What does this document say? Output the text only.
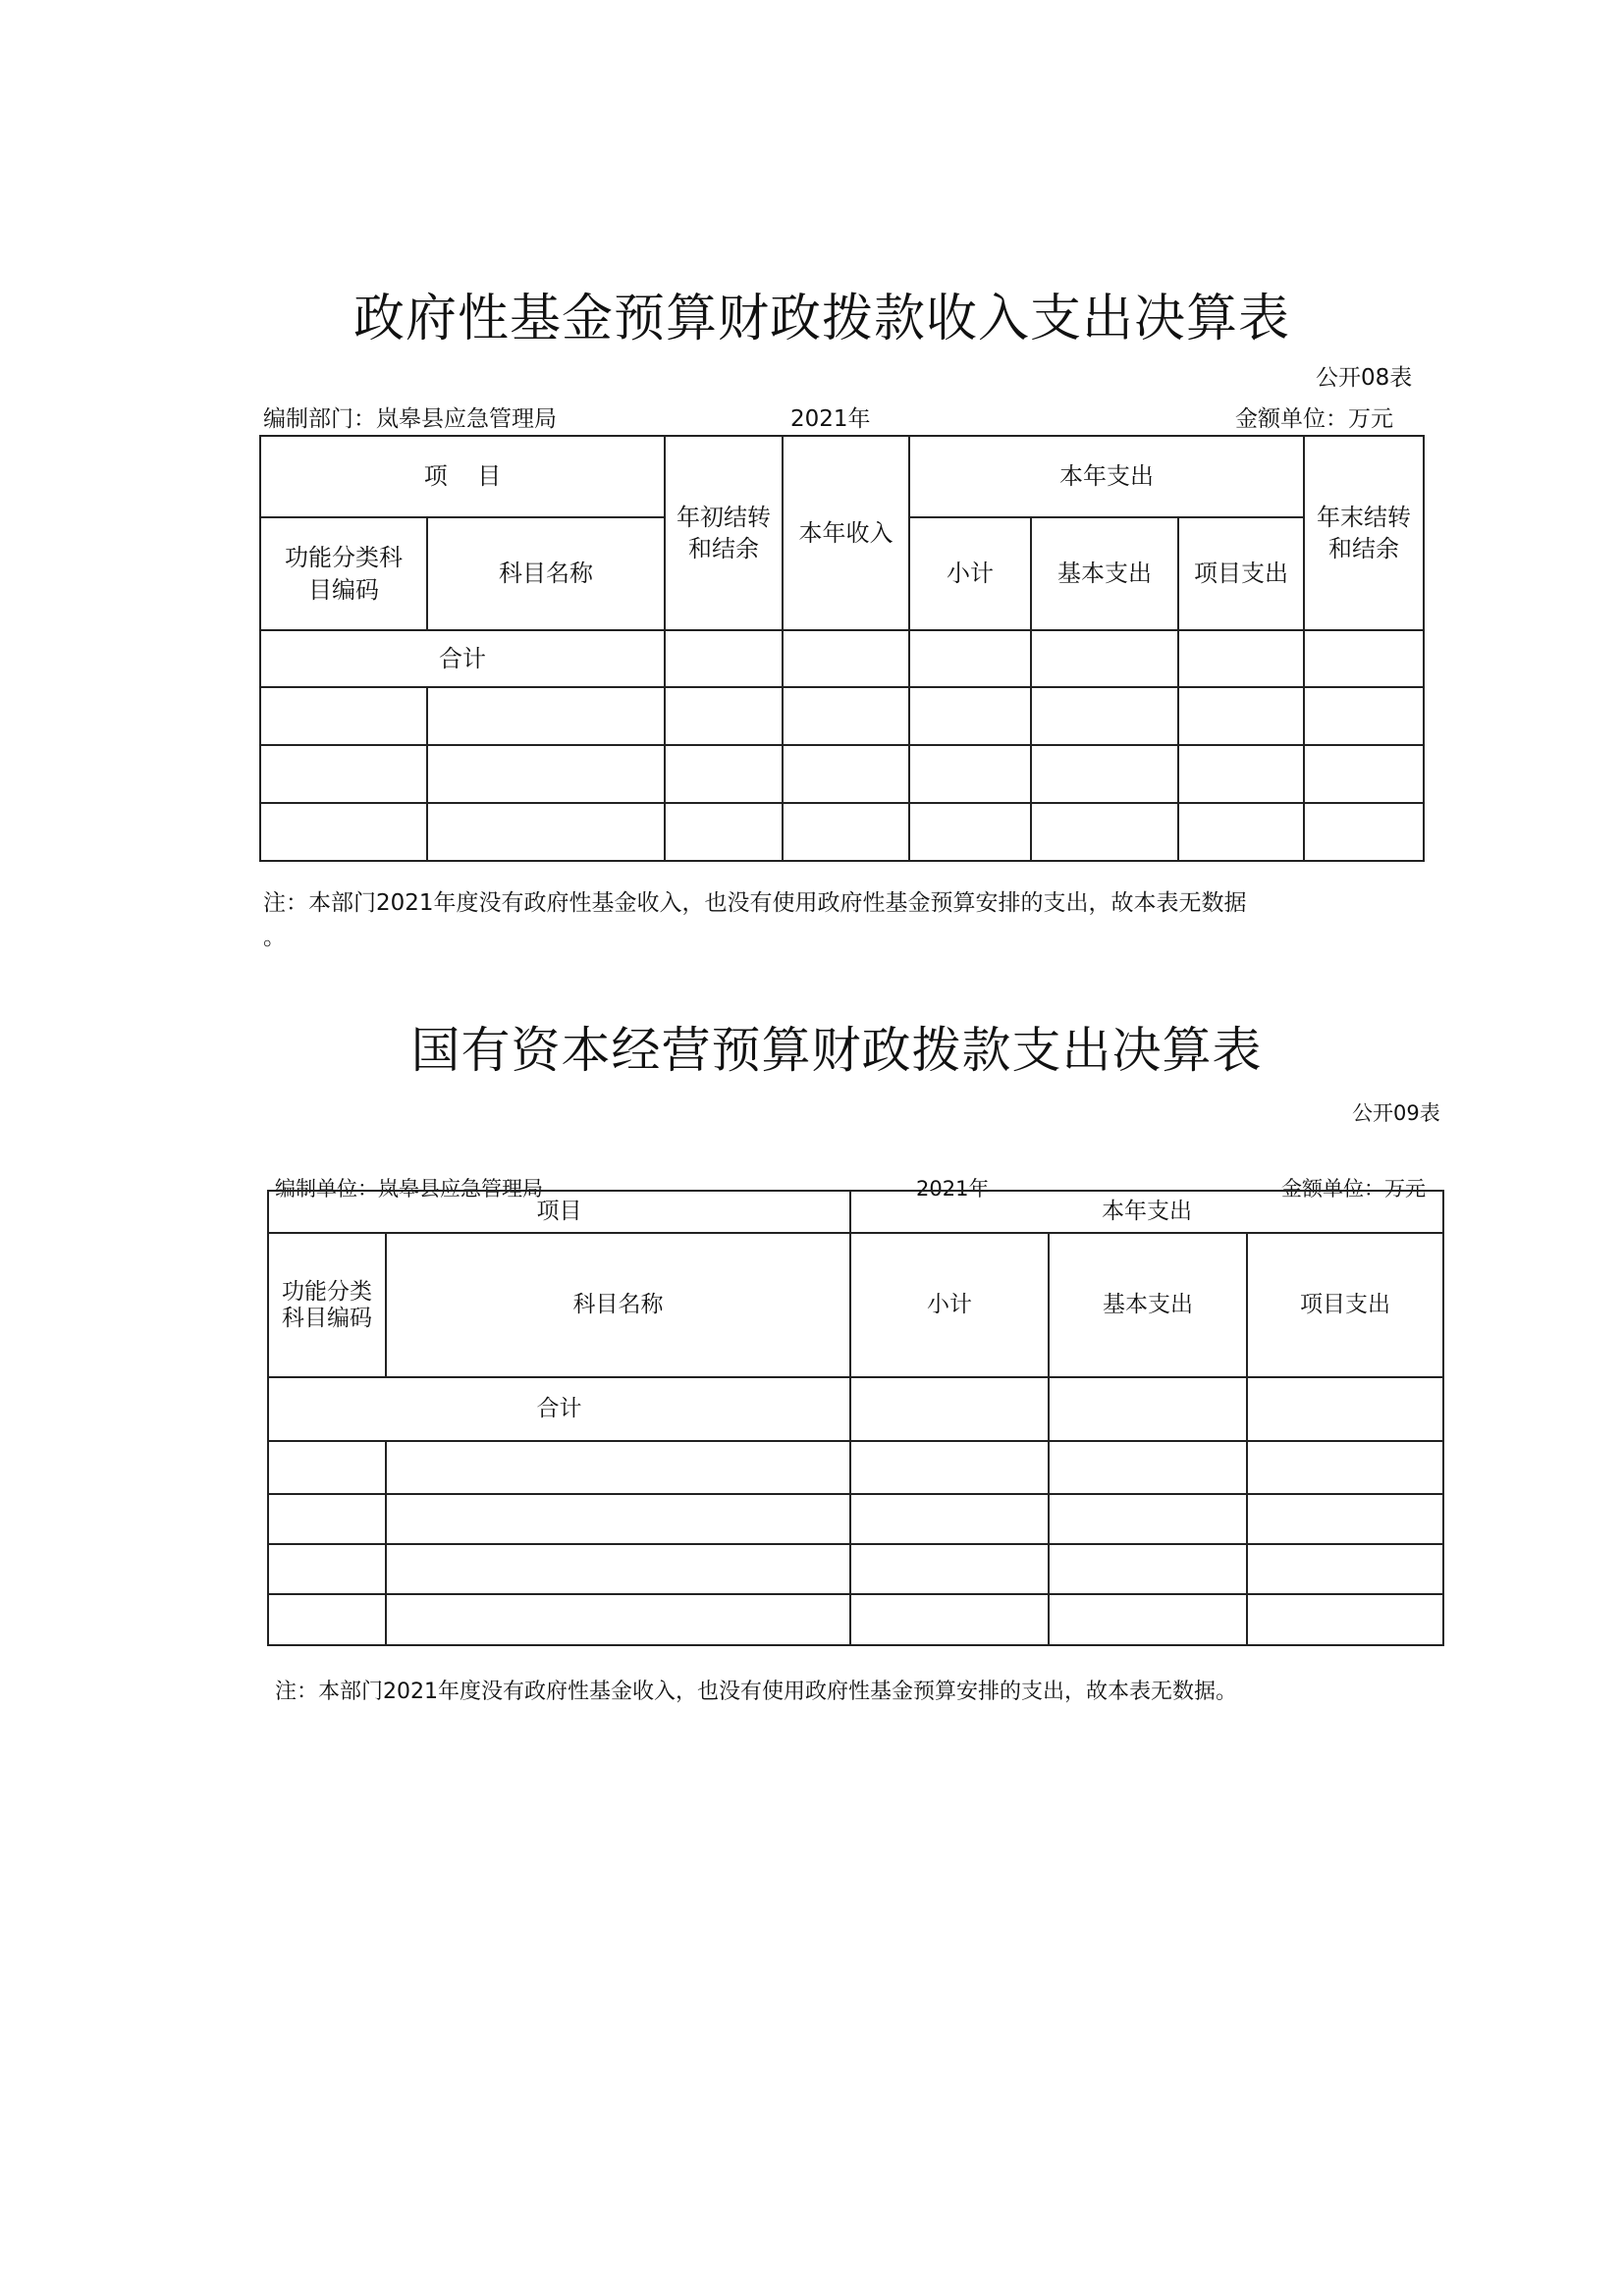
政府性基金预算财政拨款收入支出决算表
公开08表
编制部门：岚皋县应急管理局	2021年	金额单位：万元
项    目		年初结转和结余	本年收入	本年支出			年末结转和结余

功能分类科目编码	科目名称			小计	基本支出	项目支出	
合计							

注：本部门2021年度没有政府性基金收入，也没有使用政府性基金预算安排的支出，故本表无数据
。
国有资本经营预算财政拨款支出决算表
公开09表
编制单位：岚皋县应急管理局	2021年	金额单位：万元
项目		本年支出		

功能分类科目编码	科目名称	小计	基本支出	项目支出
合计				

注：本部门2021年度没有政府性基金收入，也没有使用政府性基金预算安排的支出，故本表无数据。
